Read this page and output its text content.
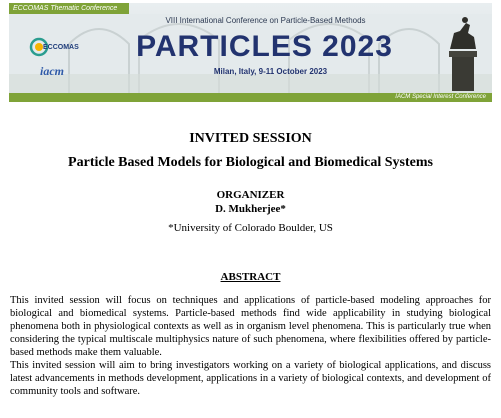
ECCOMAS Thematic Conference
ECCOMAS
iacm
VIII International Conference on Particle-Based Methods
PARTICLES 2023
Milan, Italy, 9-11 October 2023
IACM Special Interest Conference
INVITED SESSION
Particle Based Models for Biological and Biomedical Systems
ORGANIZER
D. Mukherjee*
*University of Colorado Boulder, US
ABSTRACT

This invited session will focus on techniques and applications of particle-based modeling approaches for biological and biomedical systems. Particle-based methods find wide applicability in studying biological phenomena both in physiological contexts as well as in organism level phenomena. This is particularly true when considering the typical multiscale multiphysics nature of such phenomena, where flexibilities offered by particle-based methods make them valuable.

This invited session will aim to bring investigators working on a variety of biological applications, and discuss latest advancements in methods development, applications in a variety of biological contexts, and development of community tools and software.
